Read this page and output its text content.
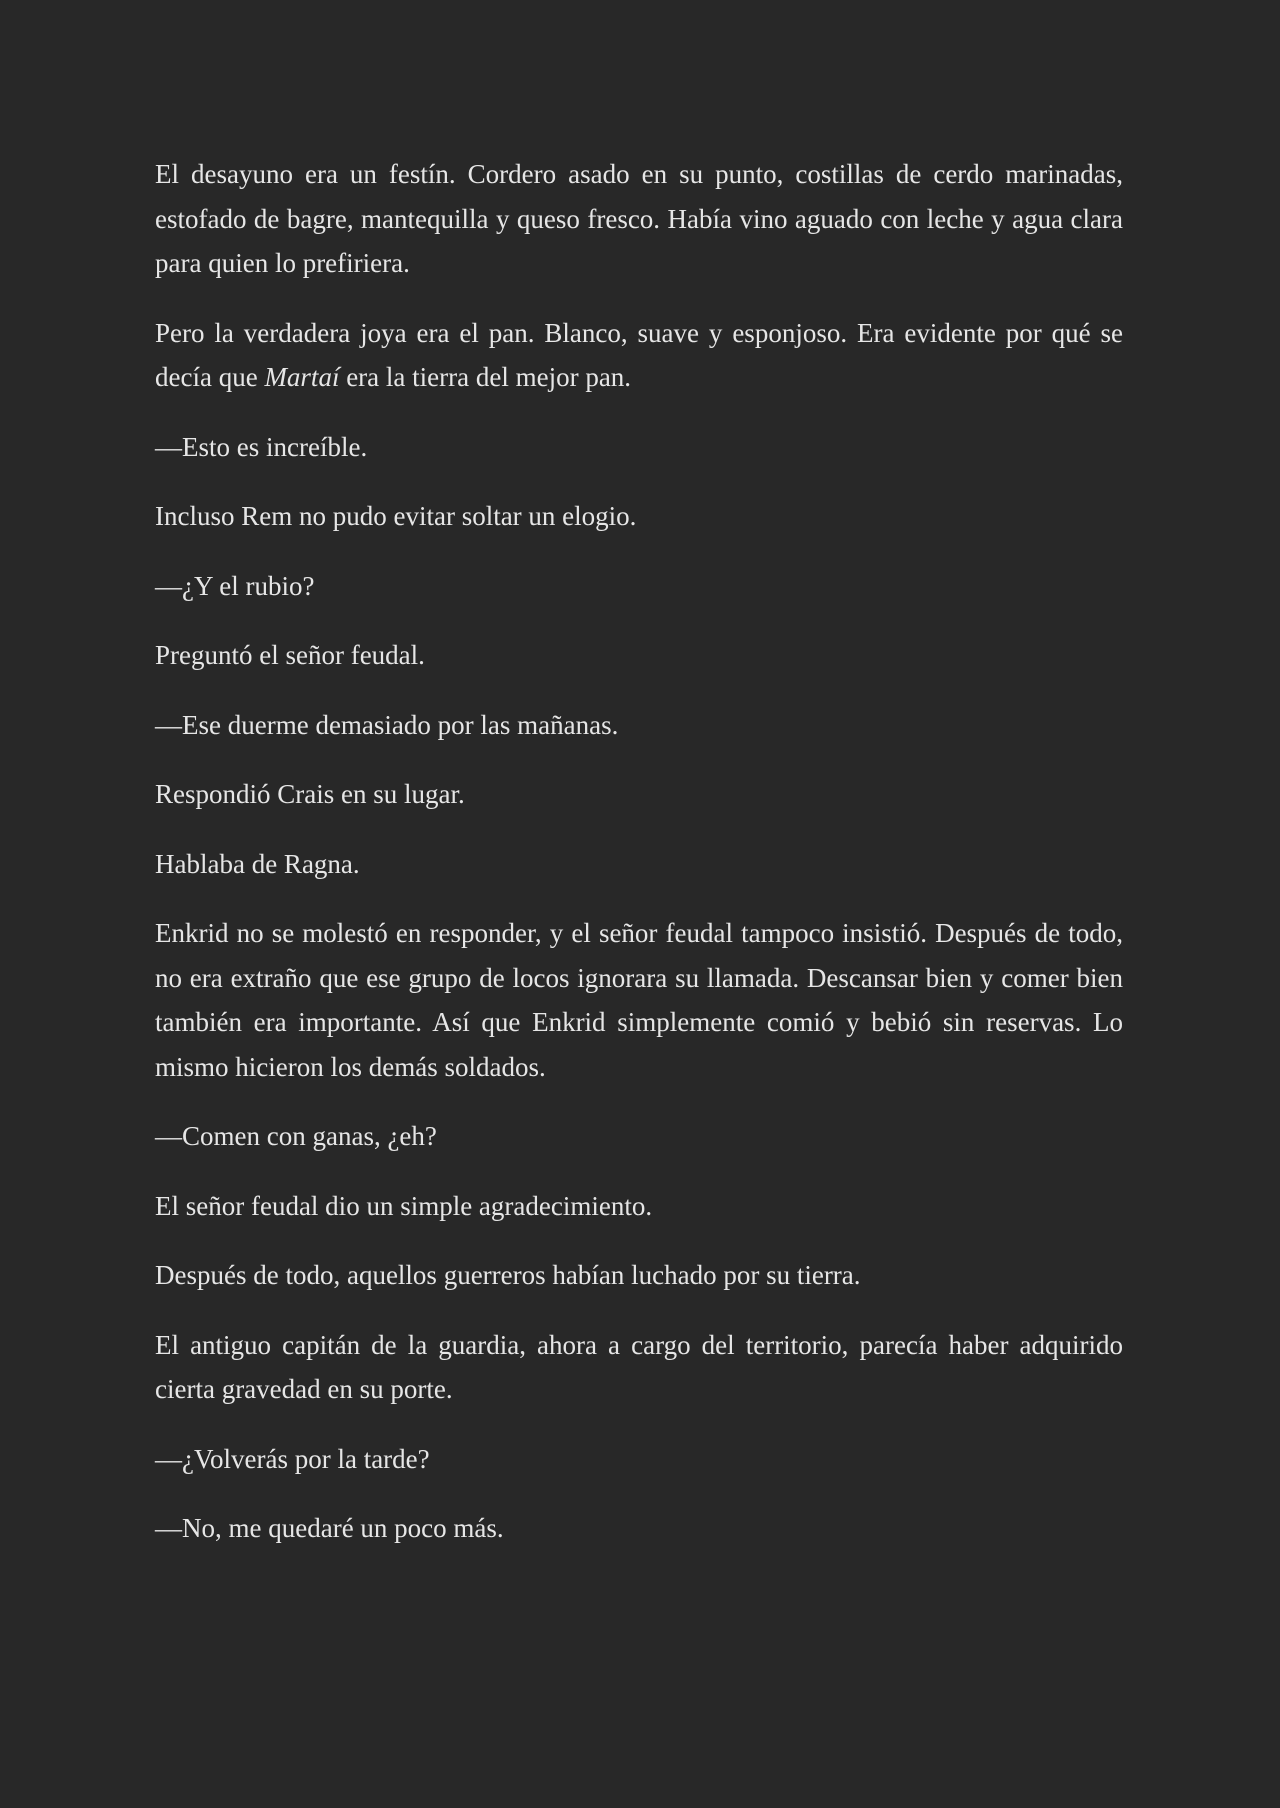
El desayuno era un festín. Cordero asado en su punto, costillas de cerdo marinadas, estofado de bagre, mantequilla y queso fresco. Había vino aguado con leche y agua clara para quien lo prefiriera.

Pero la verdadera joya era el pan. Blanco, suave y esponjoso. Era evidente por qué se decía que Martaí era la tierra del mejor pan.

—Esto es increíble.

Incluso Rem no pudo evitar soltar un elogio.

—¿Y el rubio?

Preguntó el señor feudal.

—Ese duerme demasiado por las mañanas.

Respondió Crais en su lugar.

Hablaba de Ragna.

Enkrid no se molestó en responder, y el señor feudal tampoco insistió. Después de todo, no era extraño que ese grupo de locos ignorara su llamada. Descansar bien y comer bien también era importante. Así que Enkrid simplemente comió y bebió sin reservas. Lo mismo hicieron los demás soldados.

—Comen con ganas, ¿eh?

El señor feudal dio un simple agradecimiento.

Después de todo, aquellos guerreros habían luchado por su tierra.

El antiguo capitán de la guardia, ahora a cargo del territorio, parecía haber adquirido cierta gravedad en su porte.

—¿Volverás por la tarde?

—No, me quedaré un poco más.
